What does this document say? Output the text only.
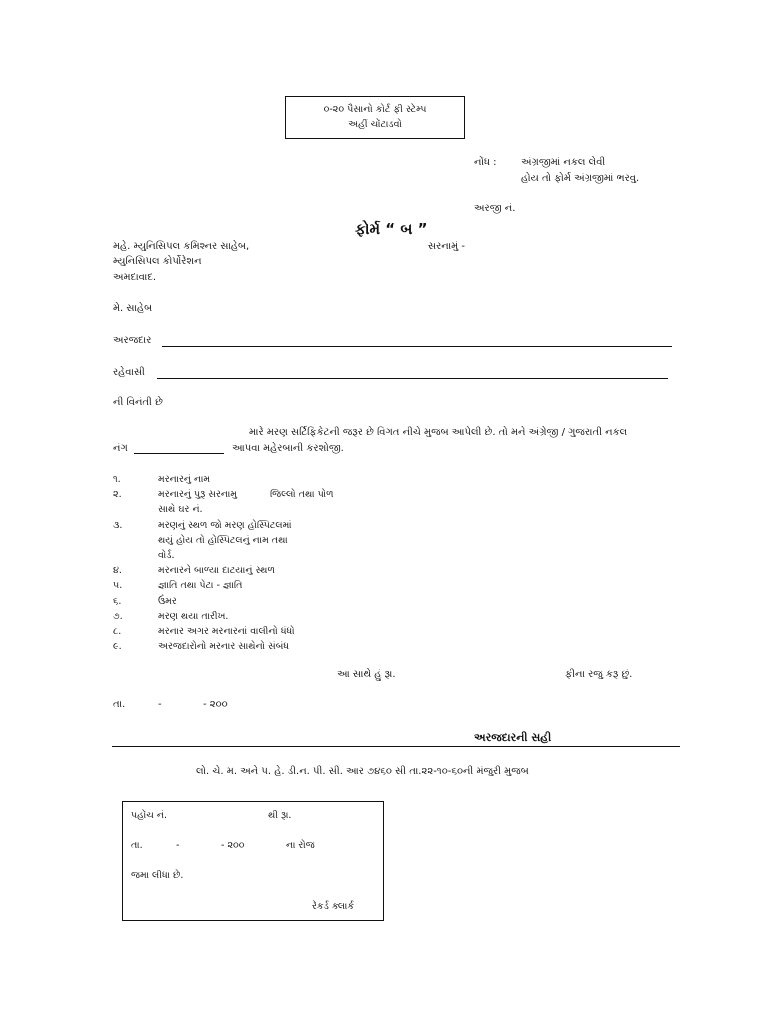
૦-૨૦ પૈસાનો કોર્ટ ફી સ્ટેમ્પ
અહીં ચોંટાડવો
નોંધ : અંગ્રજીમાં નકલ લેવી
હોય તો ફોર્મ અંગ્રજીમાં ભરવુ.
અરજી નં.
ફોર્મ “ બ ”
મહે. મ્યુનિસિપલ કમિશ્નર સાહેબ,
મ્યુનિસિપલ કોર્પોરેશન
અમદાવાદ.
સરનામું -
મે. સાહેબ
અરજદાર
રહેવાસી
ની વિનંતી છે
મારે મરણ સર્ટિફિકેટની જરૂર છે વિગત નીચે મુજબ આપેલી છે. તો મને અંગ્રેજી / ગુજરાતી નકલ
નંગ	આપવા મહેરબાની કરશોજી.
૧.	મરનારનું નામ
૨.	મરનારનું પુરૂ સરનામુ	જિલ્લો તથા પોળ
સાથે ઘર નં.
૩.	મરણનું સ્થળ જો મરણ હોસ્પિટલમાં
થયું હોય તો હોસ્પિટલનું નામ તથા
વોર્ડ.
૪.	મરનારને બાળ્યા દાટયાનું સ્થળ
૫.	જ્ઞાતિ તથા પેટા - જ્ઞાતિ
૬.	ઉંમર
૭.	મરણ થયા તારીખ.
૮.	મરનાર અગર મરનારનાં વાલીનો ધંધો
૯.	અરજદારોનો મરનાર સાથેનો સંબંધ
આ સાથે હું રૂા.	ફીના રજુ કરૂ છું.
તા.	-	- ૨૦૦
અરજદારની સહી
લો. ચે. મ. અને પ. હે. ડી.ન. પી. સી. આર ૭૪૬૦ સી તા.૨૨-૧૦-૬૦ની મંજુરી મુજબ
પહોંચ નં.	થી રૂા.
તા.	-	- ૨૦૦	ના રોજ
જમા લીધા છે.
રેકર્ડ ક્લાર્ક
